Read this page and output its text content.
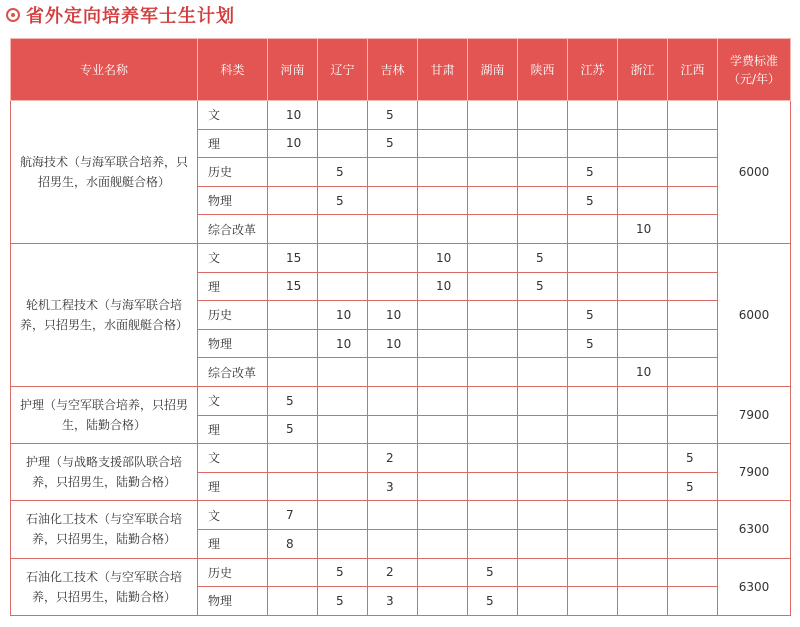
省外定向培养军士生计划
专业名称	科类	河南	辽宁	吉林	甘肃	湖南	陕西	江苏	浙江	江西	学费标准
（元/年）

航海技术（与海军联合培养，只招男生，水面舰艇合格）	文	10		5							6000
	理	10		5							
	历史		5					5			
	物理		5					5			
	综合改革								10		
轮机工程技术（与海军联合培养，只招男生，水面舰艇合格）	文	15			10		5				6000
	理	15			10		5				
	历史		10	10				5			
	物理		10	10				5			
	综合改革								10		
护理（与空军联合培养，只招男生，陆勤合格）	文	5									7900
	理	5									
护理（与战略支援部队联合培养，只招男生，陆勤合格）	文			2						5	7900
	理			3						5	
石油化工技术（与空军联合培养，只招男生，陆勤合格）	文	7									6300
	理	8									
石油化工技术（与空军联合培养，只招男生，陆勤合格）	历史		5	2		5					6300
	物理		5	3		5					
